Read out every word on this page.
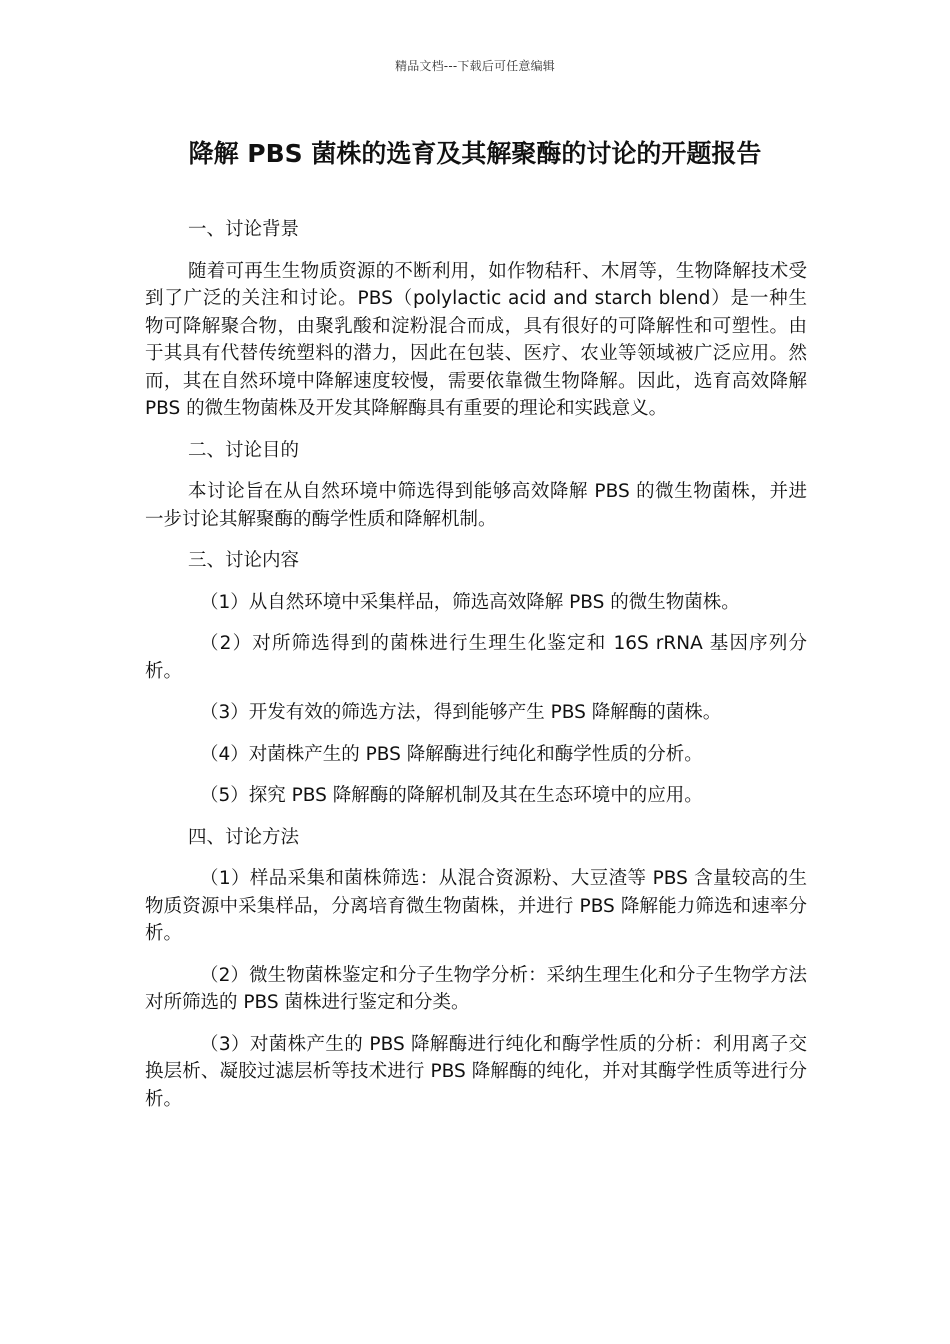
精品文档---下载后可任意编辑
降解 PBS 菌株的选育及其解聚酶的讨论的开题报告

一、讨论背景

随着可再生生物质资源的不断利用，如作物秸秆、木屑等，生物降解技术受到了广泛的关注和讨论。PBS（polylactic acid and starch blend）是一种生物可降解聚合物，由聚乳酸和淀粉混合而成，具有很好的可降解性和可塑性。由于其具有代替传统塑料的潜力，因此在包装、医疗、农业等领域被广泛应用。然而，其在自然环境中降解速度较慢，需要依靠微生物降解。因此，选育高效降解 PBS 的微生物菌株及开发其降解酶具有重要的理论和实践意义。

二、讨论目的

本讨论旨在从自然环境中筛选得到能够高效降解 PBS 的微生物菌株，并进一步讨论其解聚酶的酶学性质和降解机制。

三、讨论内容

（1）从自然环境中采集样品，筛选高效降解 PBS 的微生物菌株。

（2）对所筛选得到的菌株进行生理生化鉴定和 16S rRNA 基因序列分析。

（3）开发有效的筛选方法，得到能够产生 PBS 降解酶的菌株。

（4）对菌株产生的 PBS 降解酶进行纯化和酶学性质的分析。

（5）探究 PBS 降解酶的降解机制及其在生态环境中的应用。

四、讨论方法

（1）样品采集和菌株筛选：从混合资源粉、大豆渣等 PBS 含量较高的生物质资源中采集样品，分离培育微生物菌株，并进行 PBS 降解能力筛选和速率分析。

（2）微生物菌株鉴定和分子生物学分析：采纳生理生化和分子生物学方法对所筛选的 PBS 菌株进行鉴定和分类。

（3）对菌株产生的 PBS 降解酶进行纯化和酶学性质的分析：利用离子交换层析、凝胶过滤层析等技术进行 PBS 降解酶的纯化，并对其酶学性质等进行分析。
